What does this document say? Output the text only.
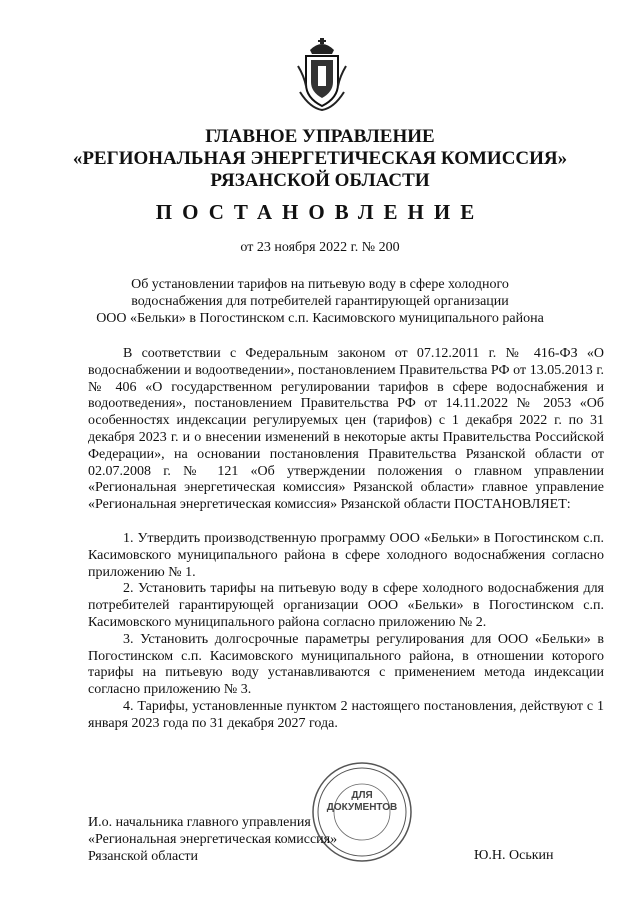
ГЛАВНОЕ УПРАВЛЕНИЕ
«РЕГИОНАЛЬНАЯ ЭНЕРГЕТИЧЕСКАЯ КОМИССИЯ»
РЯЗАНСКОЙ ОБЛАСТИ
ПОСТАНОВЛЕНИЕ
от 23 ноября 2022 г. № 200
Об установлении тарифов на питьевую воду в сфере холодного
водоснабжения для потребителей гарантирующей организации
ООО «Бельки» в Погостинском с.п. Касимовского муниципального района

В соответствии с Федеральным законом от 07.12.2011 г. № 416-ФЗ «О водоснабжении и водоотведении», постановлением Правительства РФ от 13.05.2013 г. № 406 «О государственном регулировании тарифов в сфере водоснабжения и водоотведения», постановлением Правительства РФ от 14.11.2022 № 2053 «Об особенностях индексации регулируемых цен (тарифов) с 1 декабря 2022 г. по 31 декабря 2023 г. и о внесении изменений в некоторые акты Правительства Российской Федерации», на основании постановления Правительства Рязанской области от 02.07.2008 г. № 121 «Об утверждении положения о главном управлении «Региональная энергетическая комиссия» Рязанской области» главное управление «Региональная энергетическая комиссия» Рязанской области ПОСТАНОВЛЯЕТ:

1. Утвердить производственную программу ООО «Бельки» в Погостинском с.п. Касимовского муниципального района в сфере холодного водоснабжения согласно приложению № 1.

2. Установить тарифы на питьевую воду в сфере холодного водоснабжения для потребителей гарантирующей организации ООО «Бельки» в Погостинском с.п. Касимовского муниципального района согласно приложению № 2.

3. Установить долгосрочные параметры регулирования для ООО «Бельки» в Погостинском с.п. Касимовского муниципального района, в отношении которого тарифы на питьевую воду устанавливаются с применением метода индексации согласно приложению № 3.

4. Тарифы, установленные пунктом 2 настоящего постановления, действуют с 1 января 2023 года по 31 декабря 2027 года.

ДЛЯ
ДОКУМЕНТОВ
И.о. начальника главного управления
«Региональная энергетическая комиссия»
Рязанской области	Ю.Н. Оськин
